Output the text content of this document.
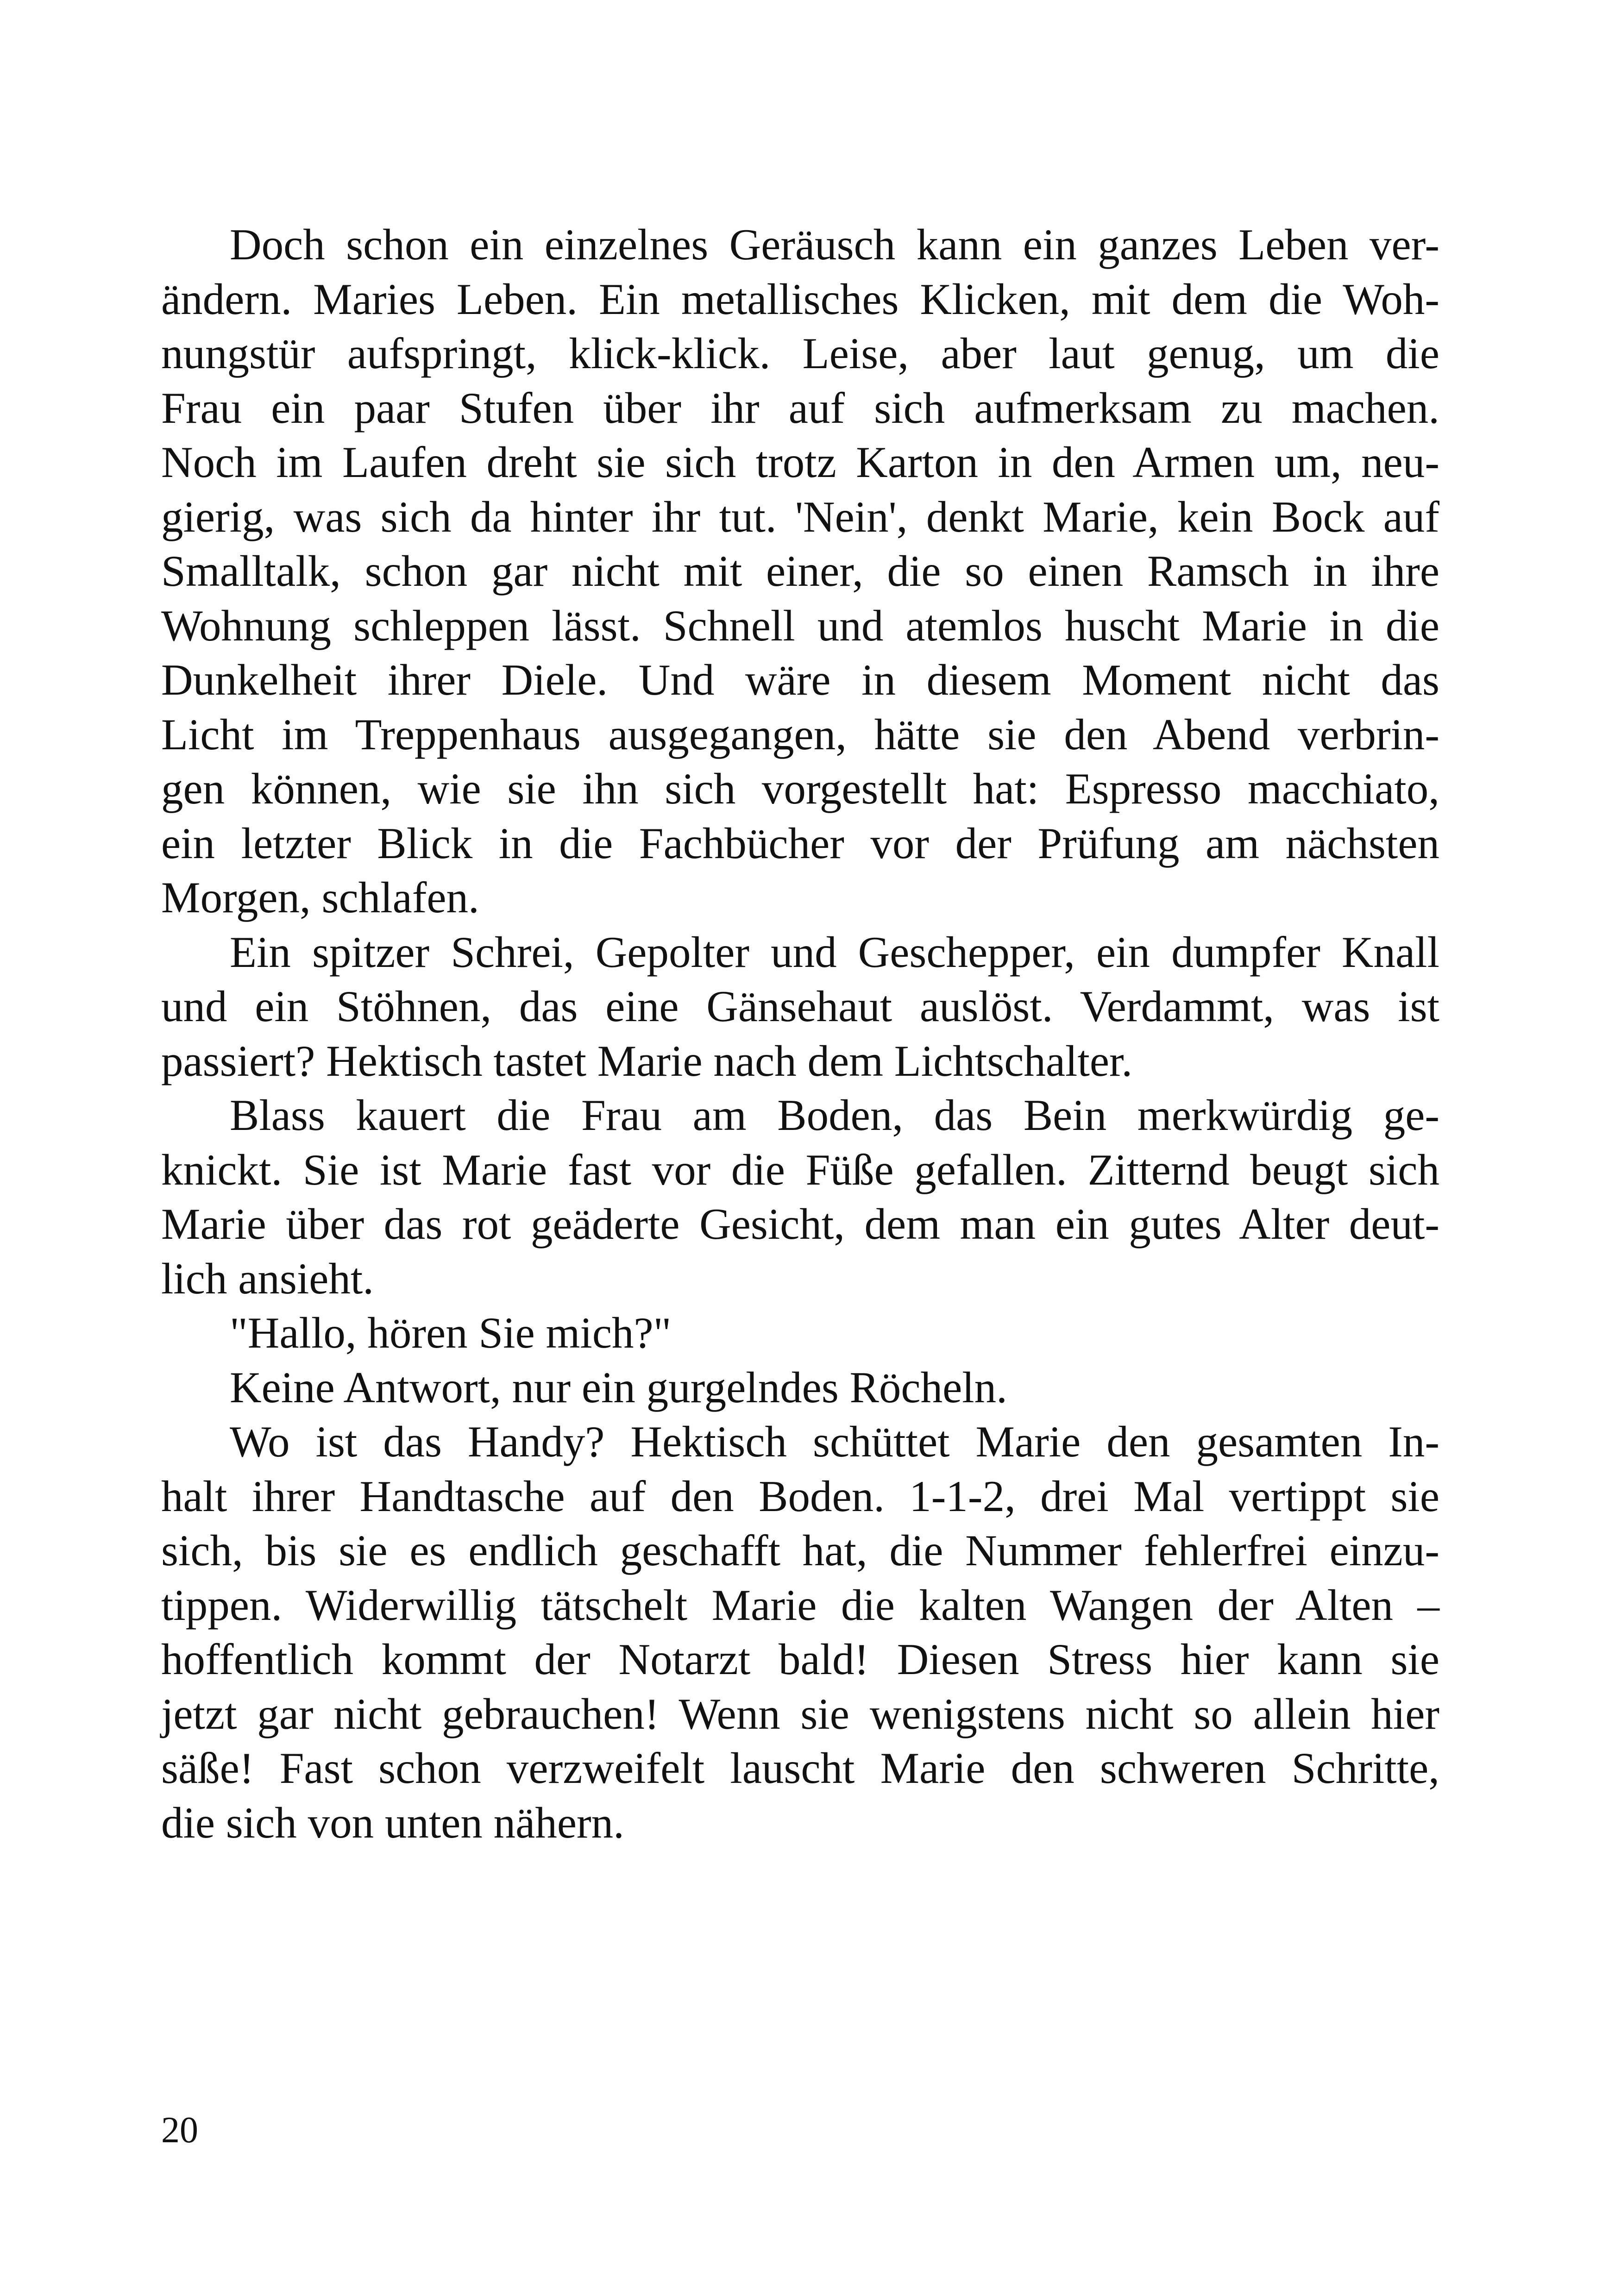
Doch schon ein einzelnes Geräusch kann ein ganzes Leben ver-
ändern. Maries Leben. Ein metallisches Klicken, mit dem die Woh-
nungstür aufspringt, klick-klick. Leise, aber laut genug, um die
Frau ein paar Stufen über ihr auf sich aufmerksam zu machen.
Noch im Laufen dreht sie sich trotz Karton in den Armen um, neu-
gierig, was sich da hinter ihr tut. 'Nein', denkt Marie, kein Bock auf
Smalltalk, schon gar nicht mit einer, die so einen Ramsch in ihre
Wohnung schleppen lässt. Schnell und atemlos huscht Marie in die
Dunkelheit ihrer Diele. Und wäre in diesem Moment nicht das
Licht im Treppenhaus ausgegangen, hätte sie den Abend verbrin-
gen können, wie sie ihn sich vorgestellt hat: Espresso macchiato,
ein letzter Blick in die Fachbücher vor der Prüfung am nächsten
Morgen, schlafen.
Ein spitzer Schrei, Gepolter und Geschepper, ein dumpfer Knall
und ein Stöhnen, das eine Gänsehaut auslöst. Verdammt, was ist
passiert? Hektisch tastet Marie nach dem Lichtschalter.
Blass kauert die Frau am Boden, das Bein merkwürdig ge-
knickt. Sie ist Marie fast vor die Füße gefallen. Zitternd beugt sich
Marie über das rot geäderte Gesicht, dem man ein gutes Alter deut-
lich ansieht.
"Hallo, hören Sie mich?"
Keine Antwort, nur ein gurgelndes Röcheln.
Wo ist das Handy? Hektisch schüttet Marie den gesamten In-
halt ihrer Handtasche auf den Boden. 1-1-2, drei Mal vertippt sie
sich, bis sie es endlich geschafft hat, die Nummer fehlerfrei einzu-
tippen. Widerwillig tätschelt Marie die kalten Wangen der Alten –
hoffentlich kommt der Notarzt bald! Diesen Stress hier kann sie
jetzt gar nicht gebrauchen! Wenn sie wenigstens nicht so allein hier
säße! Fast schon verzweifelt lauscht Marie den schweren Schritte,
die sich von unten nähern.
20
